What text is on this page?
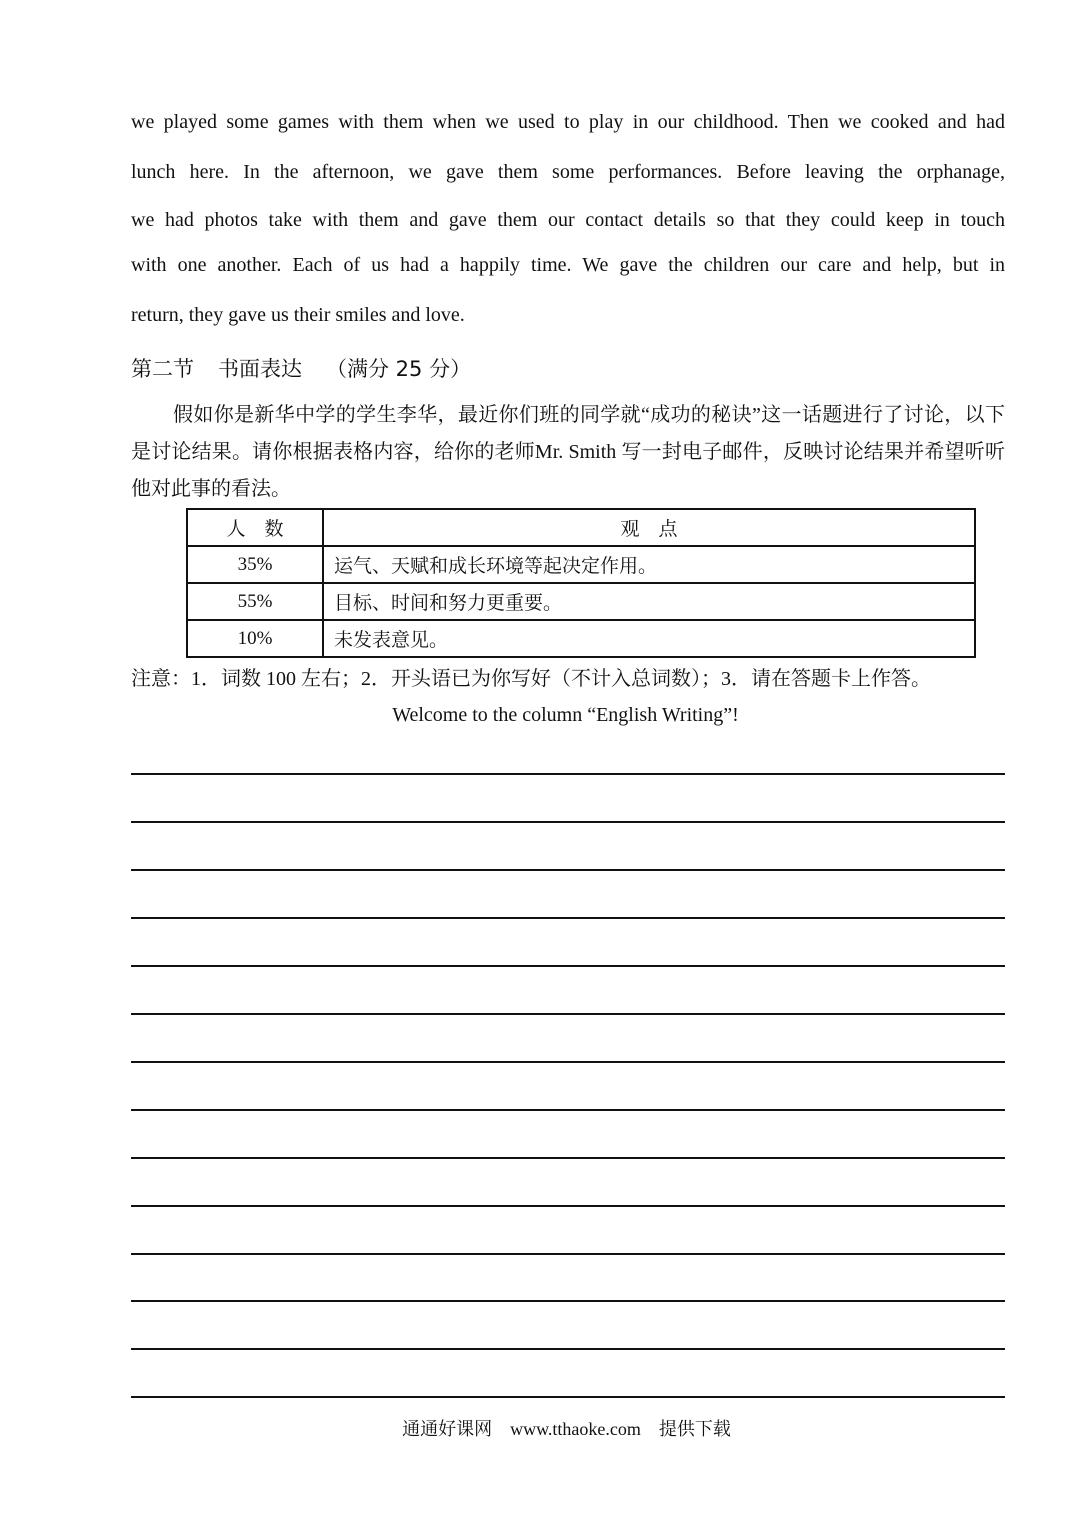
we played some games with them when we used to play in our childhood. Then we cooked and had
lunch here. In the afternoon, we gave them some performances. Before leaving the orphanage,
we had photos take with them and gave them our contact details so that they could keep in touch
with one another. Each of us had a happily time. We gave the children our care and help, but in
return, they gave us their smiles and love.
第二节 书面表达 （满分 25 分）
假如你是新华中学的学生李华，最近你们班的同学就“成功的秘诀”这一话题进行了讨论，以下是讨论结果。请你根据表格内容，给你的老师Mr. Smith 写一封电子邮件，反映讨论结果并希望听听他对此事的看法。
人　数	观　点
35%	运气、天赋和成长环境等起决定作用。
55%	目标、时间和努力更重要。
10%	未发表意见。
注意：1．词数 100 左右；2．开头语已为你写好（不计入总词数）；3．请在答题卡上作答。
Welcome to the column “English Writing”!
通通好课网　www.tthaoke.com　提供下载
